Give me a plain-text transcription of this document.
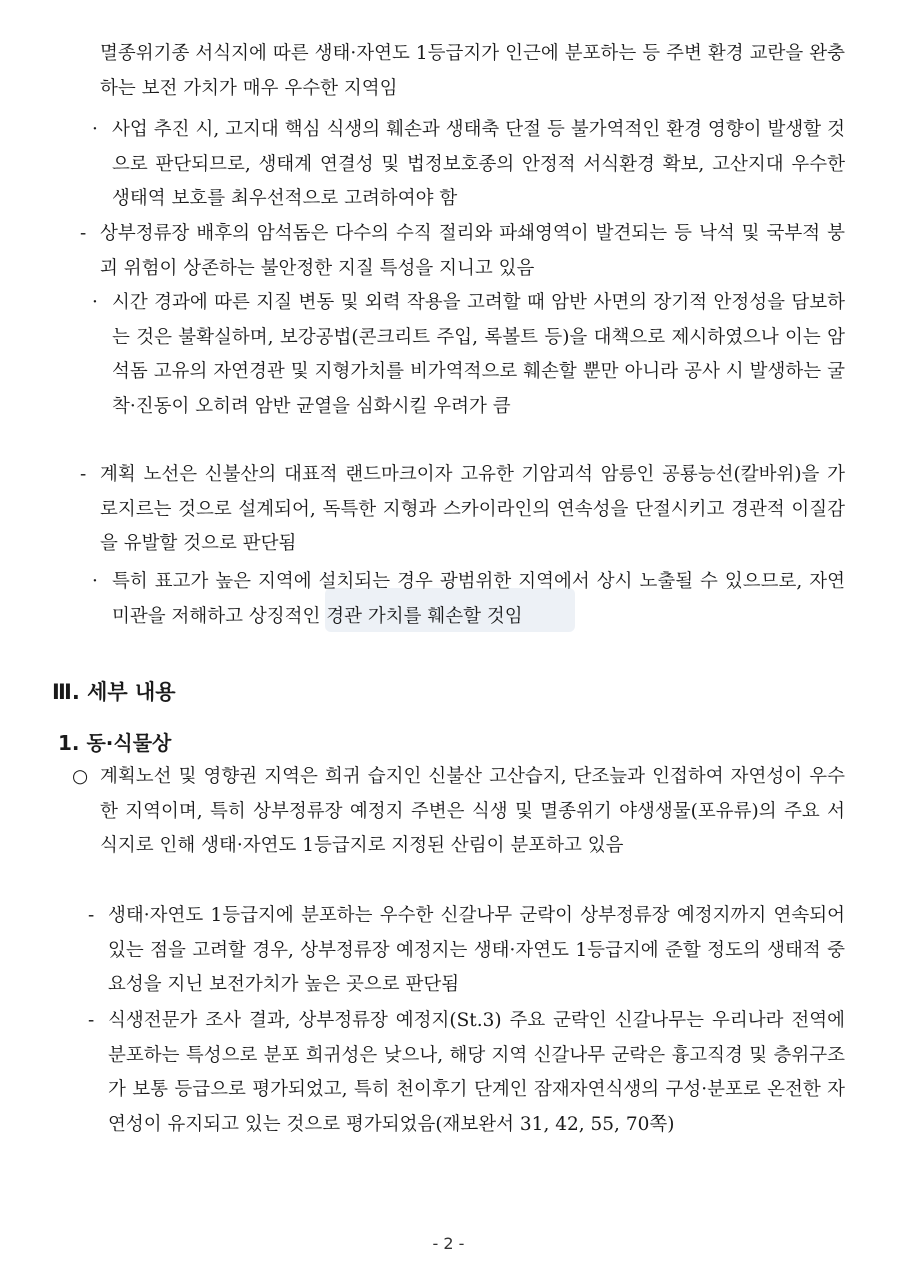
멸종위기종 서식지에 따른 생태·자연도 1등급지가 인근에 분포하는 등 주변 환경 교란을 완충하는 보전 가치가 매우 우수한 지역임

· 사업 추진 시, 고지대 핵심 식생의 훼손과 생태축 단절 등 불가역적인 환경 영향이 발생할 것으로 판단되므로, 생태계 연결성 및 법정보호종의 안정적 서식환경 확보, 고산지대 우수한 생태역 보호를 최우선적으로 고려하여야 함

- 상부정류장 배후의 암석돔은 다수의 수직 절리와 파쇄영역이 발견되는 등 낙석 및 국부적 붕괴 위험이 상존하는 불안정한 지질 특성을 지니고 있음

· 시간 경과에 따른 지질 변동 및 외력 작용을 고려할 때 암반 사면의 장기적 안정성을 담보하는 것은 불확실하며, 보강공법(콘크리트 주입, 록볼트 등)을 대책으로 제시하였으나 이는 암석돔 고유의 자연경관 및 지형가치를 비가역적으로 훼손할 뿐만 아니라 공사 시 발생하는 굴착·진동이 오히려 암반 균열을 심화시킬 우려가 큼

- 계획 노선은 신불산의 대표적 랜드마크이자 고유한 기암괴석 암릉인 공룡능선(칼바위)을 가로지르는 것으로 설계되어, 독특한 지형과 스카이라인의 연속성을 단절시키고 경관적 이질감을 유발할 것으로 판단됨

· 특히 표고가 높은 지역에 설치되는 경우 광범위한 지역에서 상시 노출될 수 있으므로, 자연미관을 저해하고 상징적인 경관 가치를 훼손할 것임

Ⅲ. 세부 내용
1. 동·식물상
○ 계획노선 및 영향권 지역은 희귀 습지인 신불산 고산습지, 단조늪과 인접하여 자연성이 우수한 지역이며, 특히 상부정류장 예정지 주변은 식생 및 멸종위기 야생생물(포유류)의 주요 서식지로 인해 생태·자연도 1등급지로 지정된 산림이 분포하고 있음

- 생태·자연도 1등급지에 분포하는 우수한 신갈나무 군락이 상부정류장 예정지까지 연속되어 있는 점을 고려할 경우, 상부정류장 예정지는 생태·자연도 1등급지에 준할 정도의 생태적 중요성을 지닌 보전가치가 높은 곳으로 판단됨

- 식생전문가 조사 결과, 상부정류장 예정지(St.3) 주요 군락인 신갈나무는 우리나라 전역에 분포하는 특성으로 분포 희귀성은 낮으나, 해당 지역 신갈나무 군락은 흉고직경 및 층위구조가 보통 등급으로 평가되었고, 특히 천이후기 단계인 잠재자연식생의 구성·분포로 온전한 자연성이 유지되고 있는 것으로 평가되었음(재보완서 31, 42, 55, 70쪽)

- 2 -
